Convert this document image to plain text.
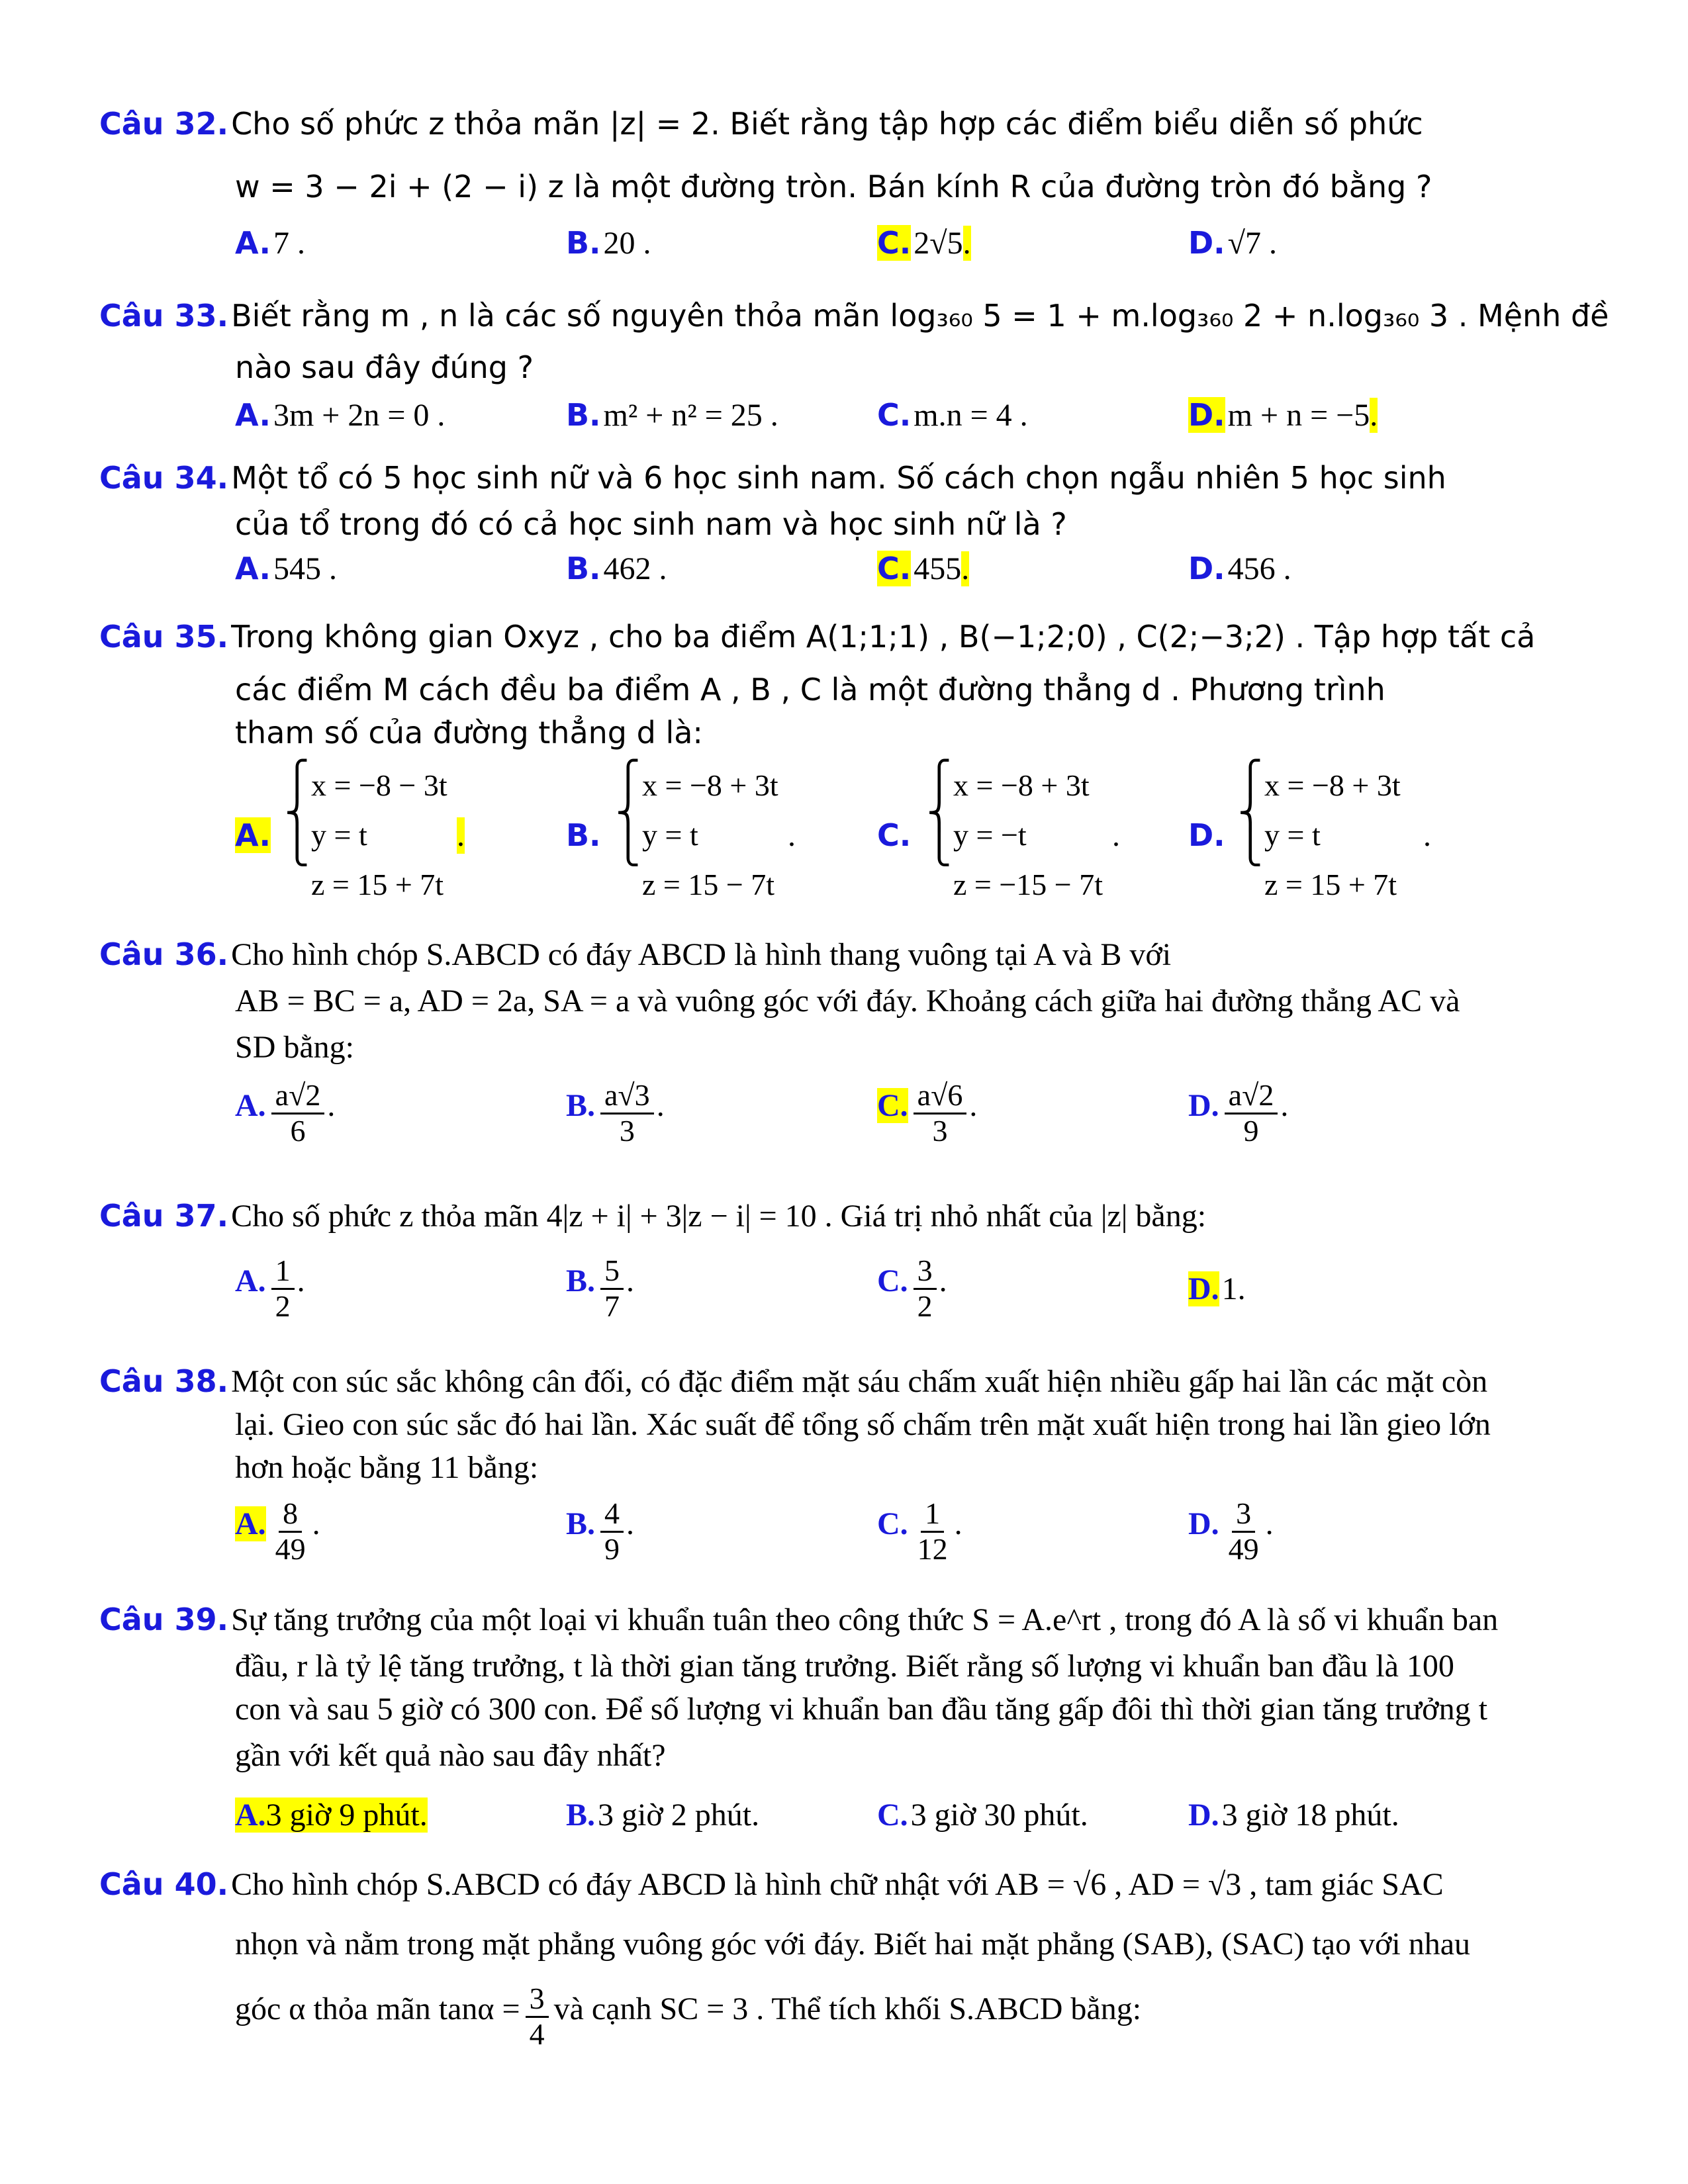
Câu 32. Cho số phức z thỏa mãn |z| = 2. Biết rằng tập hợp các điểm biểu diễn số phức
w = 3 − 2i + (2 − i) z là một đường tròn. Bán kính R của đường tròn đó bằng ?
A. 7 .	B. 20 .	C. 2√5.	D. √7 .
Câu 33. Biết rằng m , n là các số nguyên thỏa mãn log₃₆₀ 5 = 1 + m.log₃₆₀ 2 + n.log₃₆₀ 3 . Mệnh đề
nào sau đây đúng ?
A. 3m + 2n = 0 .	B. m² + n² = 25 .	C. m.n = 4 .	D. m + n = −5.
Câu 34. Một tổ có 5 học sinh nữ và 6 học sinh nam. Số cách chọn ngẫu nhiên 5 học sinh
của tổ trong đó có cả học sinh nam và học sinh nữ là ?
A. 545 .	B. 462 .	C. 455.	D. 456 .
Câu 35. Trong không gian Oxyz , cho ba điểm A(1;1;1) , B(−1;2;0) , C(2;−3;2) . Tập hợp tất cả
các điểm M cách đều ba điểm A , B , C là một đường thẳng d . Phương trình
tham số của đường thẳng d là:
A.
⎧
⎨
⎩
x = −8 − 3t
y = t
z = 15 + 7t
.	B.
⎧
⎨
⎩
x = −8 + 3t
y = t
z = 15 − 7t
.	C.
⎧
⎨
⎩
x = −8 + 3t
y = −t
z = −15 − 7t
. D.
⎧
⎨
⎩
x = −8 + 3t
y = t
z = 15 + 7t
.
Câu 36. Cho hình chóp S.ABCD có đáy ABCD là hình thang vuông tại A và B với
AB = BC = a, AD = 2a, SA = a và vuông góc với đáy. Khoảng cách giữa hai đường thẳng AC và
SD bằng:
A. $\frac{a√2}{6}$ .	B. $\frac{a√3}{3}$ .	C. $\frac{a√6}{3}$ .	D. $\frac{a√2}{9}$ .
Câu 37. Cho số phức z thỏa mãn 4|z + i| + 3|z − i| = 10 . Giá trị nhỏ nhất của |z| bằng:
A. $\frac{1}{2}$ .	B. $\frac{5}{7}$ .	C. $\frac{3}{2}$ .	D. 1.
Câu 38. Một con súc sắc không cân đối, có đặc điểm mặt sáu chấm xuất hiện nhiều gấp hai lần các mặt còn
lại. Gieo con súc sắc đó hai lần. Xác suất để tổng số chấm trên mặt xuất hiện trong hai lần gieo lớn
hơn hoặc bằng 11 bằng:
A. $\frac{8}{49}$ .	B. $\frac{4}{9}$ .	C. $\frac{1}{12}$ .	D. $\frac{3}{49}$ .
Câu 39. Sự tăng trưởng của một loại vi khuẩn tuân theo công thức S = A.e^rt , trong đó A là số vi khuẩn ban
đầu, r là tỷ lệ tăng trưởng, t là thời gian tăng trưởng. Biết rằng số lượng vi khuẩn ban đầu là 100
con và sau 5 giờ có 300 con. Để số lượng vi khuẩn ban đầu tăng gấp đôi thì thời gian tăng trưởng t
gần với kết quả nào sau đây nhất?
A.3 giờ 9 phút.	B. 3 giờ 2 phút.	C. 3 giờ 30 phút.	D. 3 giờ 18 phút.
Câu 40. Cho hình chóp S.ABCD có đáy ABCD là hình chữ nhật với AB = √6 , AD = √3 , tam giác SAC
nhọn và nằm trong mặt phẳng vuông góc với đáy. Biết hai mặt phẳng (SAB), (SAC) tạo với nhau
góc α thỏa mãn $\tan\alpha = \frac{3}{4}$ và cạnh SC = 3 . Thể tích khối S.ABCD bằng:
